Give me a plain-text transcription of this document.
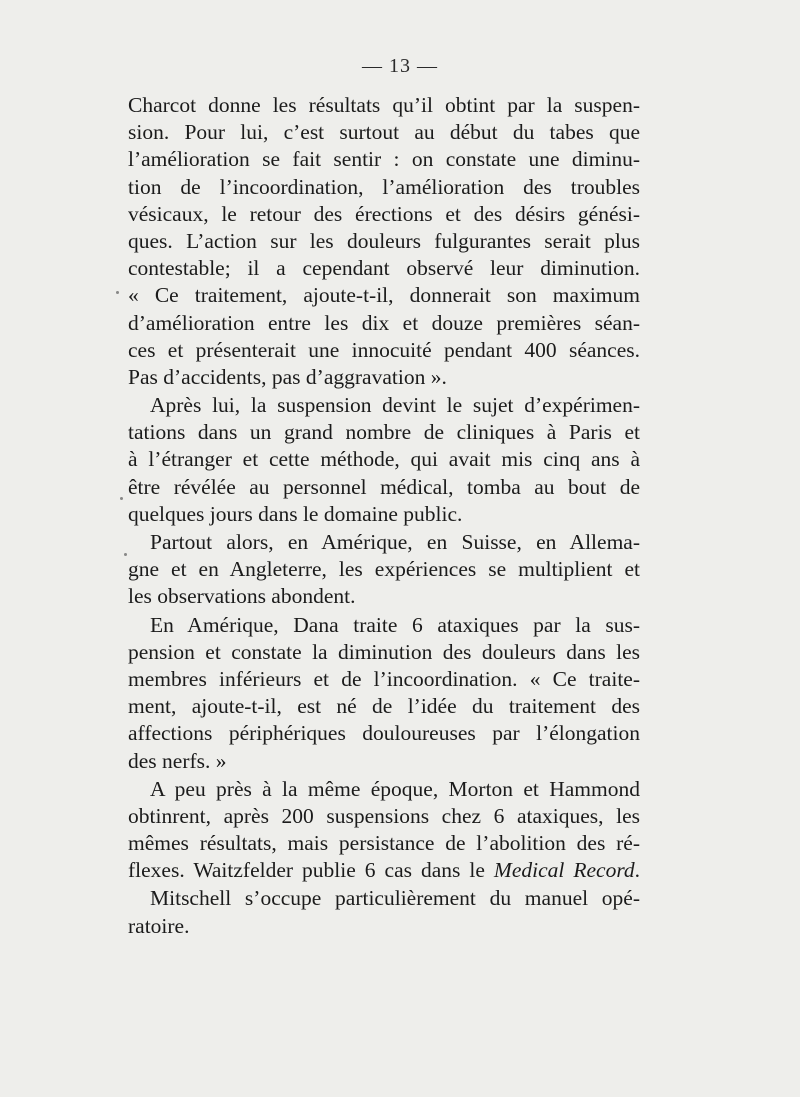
— 13 —

Charcot donne les résultats qu’il obtint par la suspen-
sion. Pour lui, c’est surtout au début du tabes que
l’amélioration se fait sentir : on constate une diminu-
tion de l’incoordination, l’amélioration des troubles
vésicaux, le retour des érections et des désirs génési-
ques. L’action sur les douleurs fulgurantes serait plus
contestable; il a cependant observé leur diminution.
« Ce traitement, ajoute-t-il, donnerait son maximum
d’amélioration entre les dix et douze premières séan-
ces et présenterait une innocuité pendant 400 séances.
Pas d’accidents, pas d’aggravation ».

Après lui, la suspension devint le sujet d’expérimen-
tations dans un grand nombre de cliniques à Paris et
à l’étranger et cette méthode, qui avait mis cinq ans à
être révélée au personnel médical, tomba au bout de
quelques jours dans le domaine public.

Partout alors, en Amérique, en Suisse, en Allema-
gne et en Angleterre, les expériences se multiplient et
les observations abondent.

En Amérique, Dana traite 6 ataxiques par la sus-
pension et constate la diminution des douleurs dans les
membres inférieurs et de l’incoordination. « Ce traite-
ment, ajoute-t-il, est né de l’idée du traitement des
affections périphériques douloureuses par l’élongation
des nerfs. »

A peu près à la même époque, Morton et Hammond
obtinrent, après 200 suspensions chez 6 ataxiques, les
mêmes résultats, mais persistance de l’abolition des ré-
flexes. Waitzfelder publie 6 cas dans le Medical Record.

Mitschell s’occupe particulièrement du manuel opé-
ratoire.
